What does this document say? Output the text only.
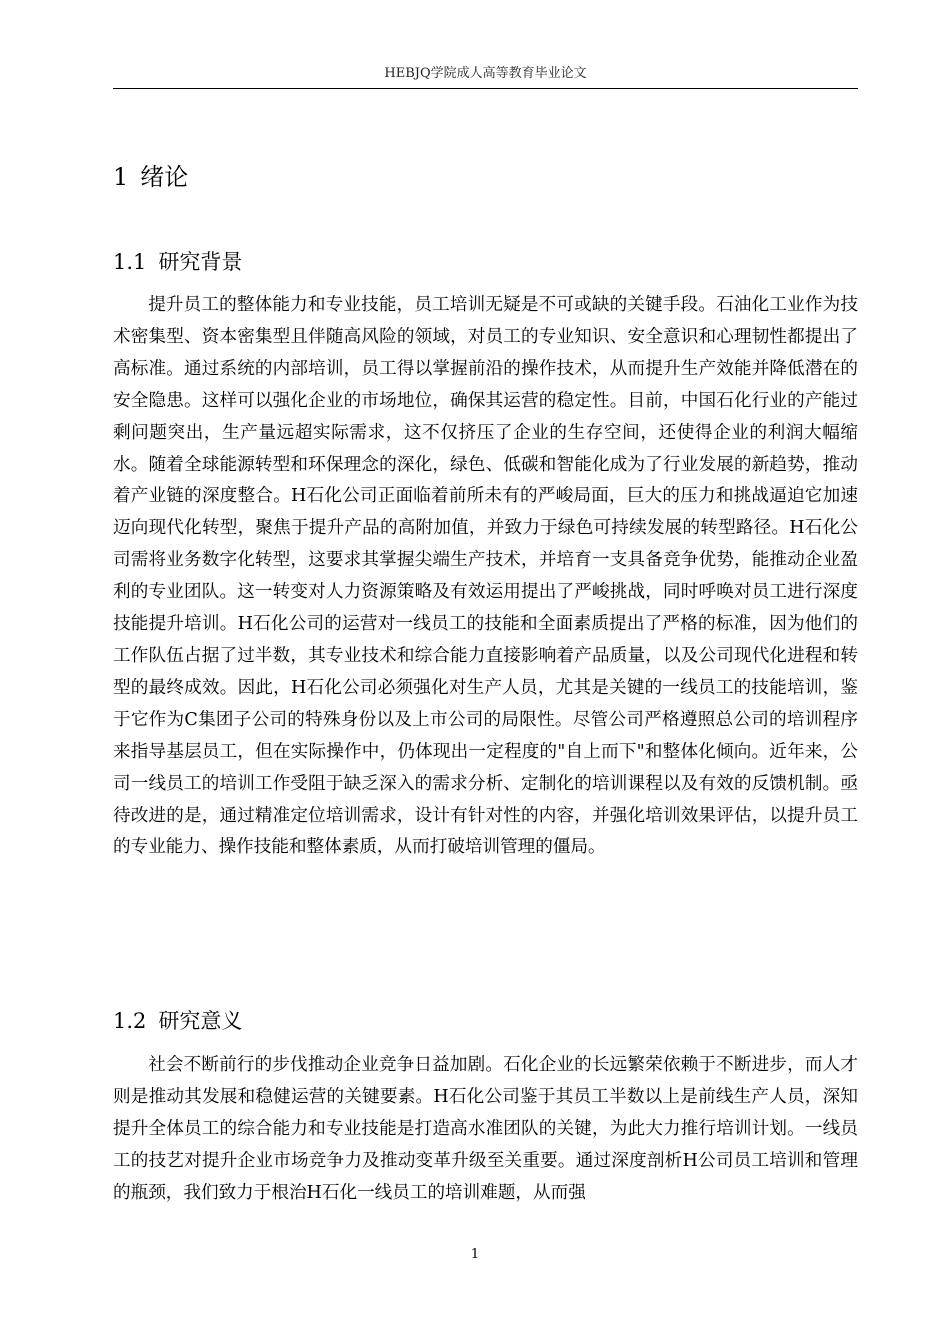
HEBJQ学院成人高等教育毕业论文
1 绪论
1.1 研究背景

提升员工的整体能力和专业技能，员工培训无疑是不可或缺的关键手段。石油化工业作为技术密集型、资本密集型且伴随高风险的领域，对员工的专业知识、安全意识和心理韧性都提出了高标准。通过系统的内部培训，员工得以掌握前沿的操作技术，从而提升生产效能并降低潜在的安全隐患。这样可以强化企业的市场地位，确保其运营的稳定性。目前，中国石化行业的产能过剩问题突出，生产量远超实际需求，这不仅挤压了企业的生存空间，还使得企业的利润大幅缩水。随着全球能源转型和环保理念的深化，绿色、低碳和智能化成为了行业发展的新趋势，推动着产业链的深度整合。H石化公司正面临着前所未有的严峻局面，巨大的压力和挑战逼迫它加速迈向现代化转型，聚焦于提升产品的高附加值，并致力于绿色可持续发展的转型路径。H石化公司需将业务数字化转型，这要求其掌握尖端生产技术，并培育一支具备竞争优势，能推动企业盈利的专业团队。这一转变对人力资源策略及有效运用提出了严峻挑战，同时呼唤对员工进行深度技能提升培训。H石化公司的运营对一线员工的技能和全面素质提出了严格的标准，因为他们的工作队伍占据了过半数，其专业技术和综合能力直接影响着产品质量，以及公司现代化进程和转型的最终成效。因此，H石化公司必须强化对生产人员，尤其是关键的一线员工的技能培训，鉴于它作为C集团子公司的特殊身份以及上市公司的局限性。尽管公司严格遵照总公司的培训程序来指导基层员工，但在实际操作中，仍体现出一定程度的"自上而下"和整体化倾向。近年来，公司一线员工的培训工作受阻于缺乏深入的需求分析、定制化的培训课程以及有效的反馈机制。亟待改进的是，通过精准定位培训需求，设计有针对性的内容，并强化培训效果评估，以提升员工的专业能力、操作技能和整体素质，从而打破培训管理的僵局。

1.2 研究意义

社会不断前行的步伐推动企业竞争日益加剧。石化企业的长远繁荣依赖于不断进步，而人才则是推动其发展和稳健运营的关键要素。H石化公司鉴于其员工半数以上是前线生产人员，深知提升全体员工的综合能力和专业技能是打造高水准团队的关键，为此大力推行培训计划。一线员工的技艺对提升企业市场竞争力及推动变革升级至关重要。通过深度剖析H公司员工培训和管理的瓶颈，我们致力于根治H石化一线员工的培训难题，从而强

1
